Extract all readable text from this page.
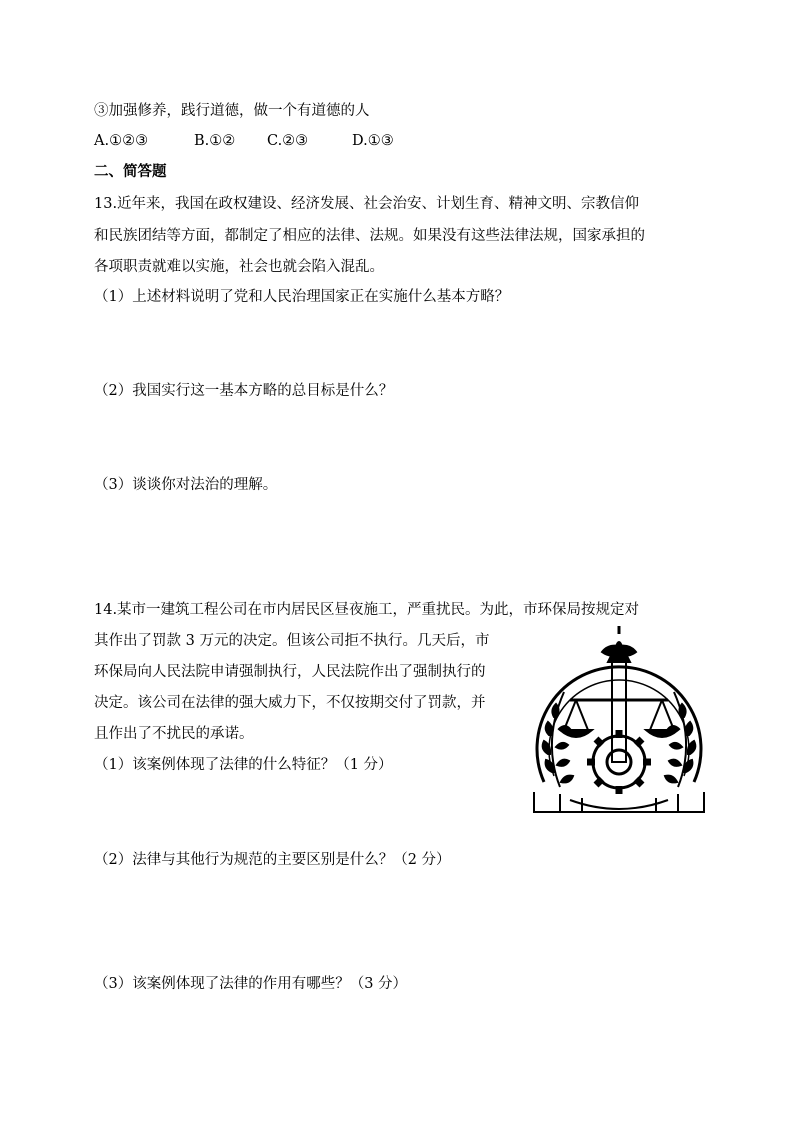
③加强修养，践行道德，做一个有道德的人
A.①②③	B.①② C.②③	D.①③
二、简答题
13.近年来，我国在政权建设、经济发展、社会治安、计划生育、精神文明、宗教信仰
和民族团结等方面，都制定了相应的法律、法规。如果没有这些法律法规，国家承担的
各项职责就难以实施，社会也就会陷入混乱。
（1）上述材料说明了党和人民治理国家正在实施什么基本方略？
（2）我国实行这一基本方略的总目标是什么？
（3）谈谈你对法治的理解。
14.某市一建筑工程公司在市内居民区昼夜施工，严重扰民。为此，市环保局按规定对
其作出了罚款 3 万元的决定。但该公司拒不执行。几天后，市
环保局向人民法院申请强制执行，人民法院作出了强制执行的
决定。该公司在法律的强大威力下，不仅按期交付了罚款，并
且作出了不扰民的承诺。
（1）该案例体现了法律的什么特征？（1 分）
（2）法律与其他行为规范的主要区别是什么？（2 分）
（3）该案例体现了法律的作用有哪些？（3 分）
